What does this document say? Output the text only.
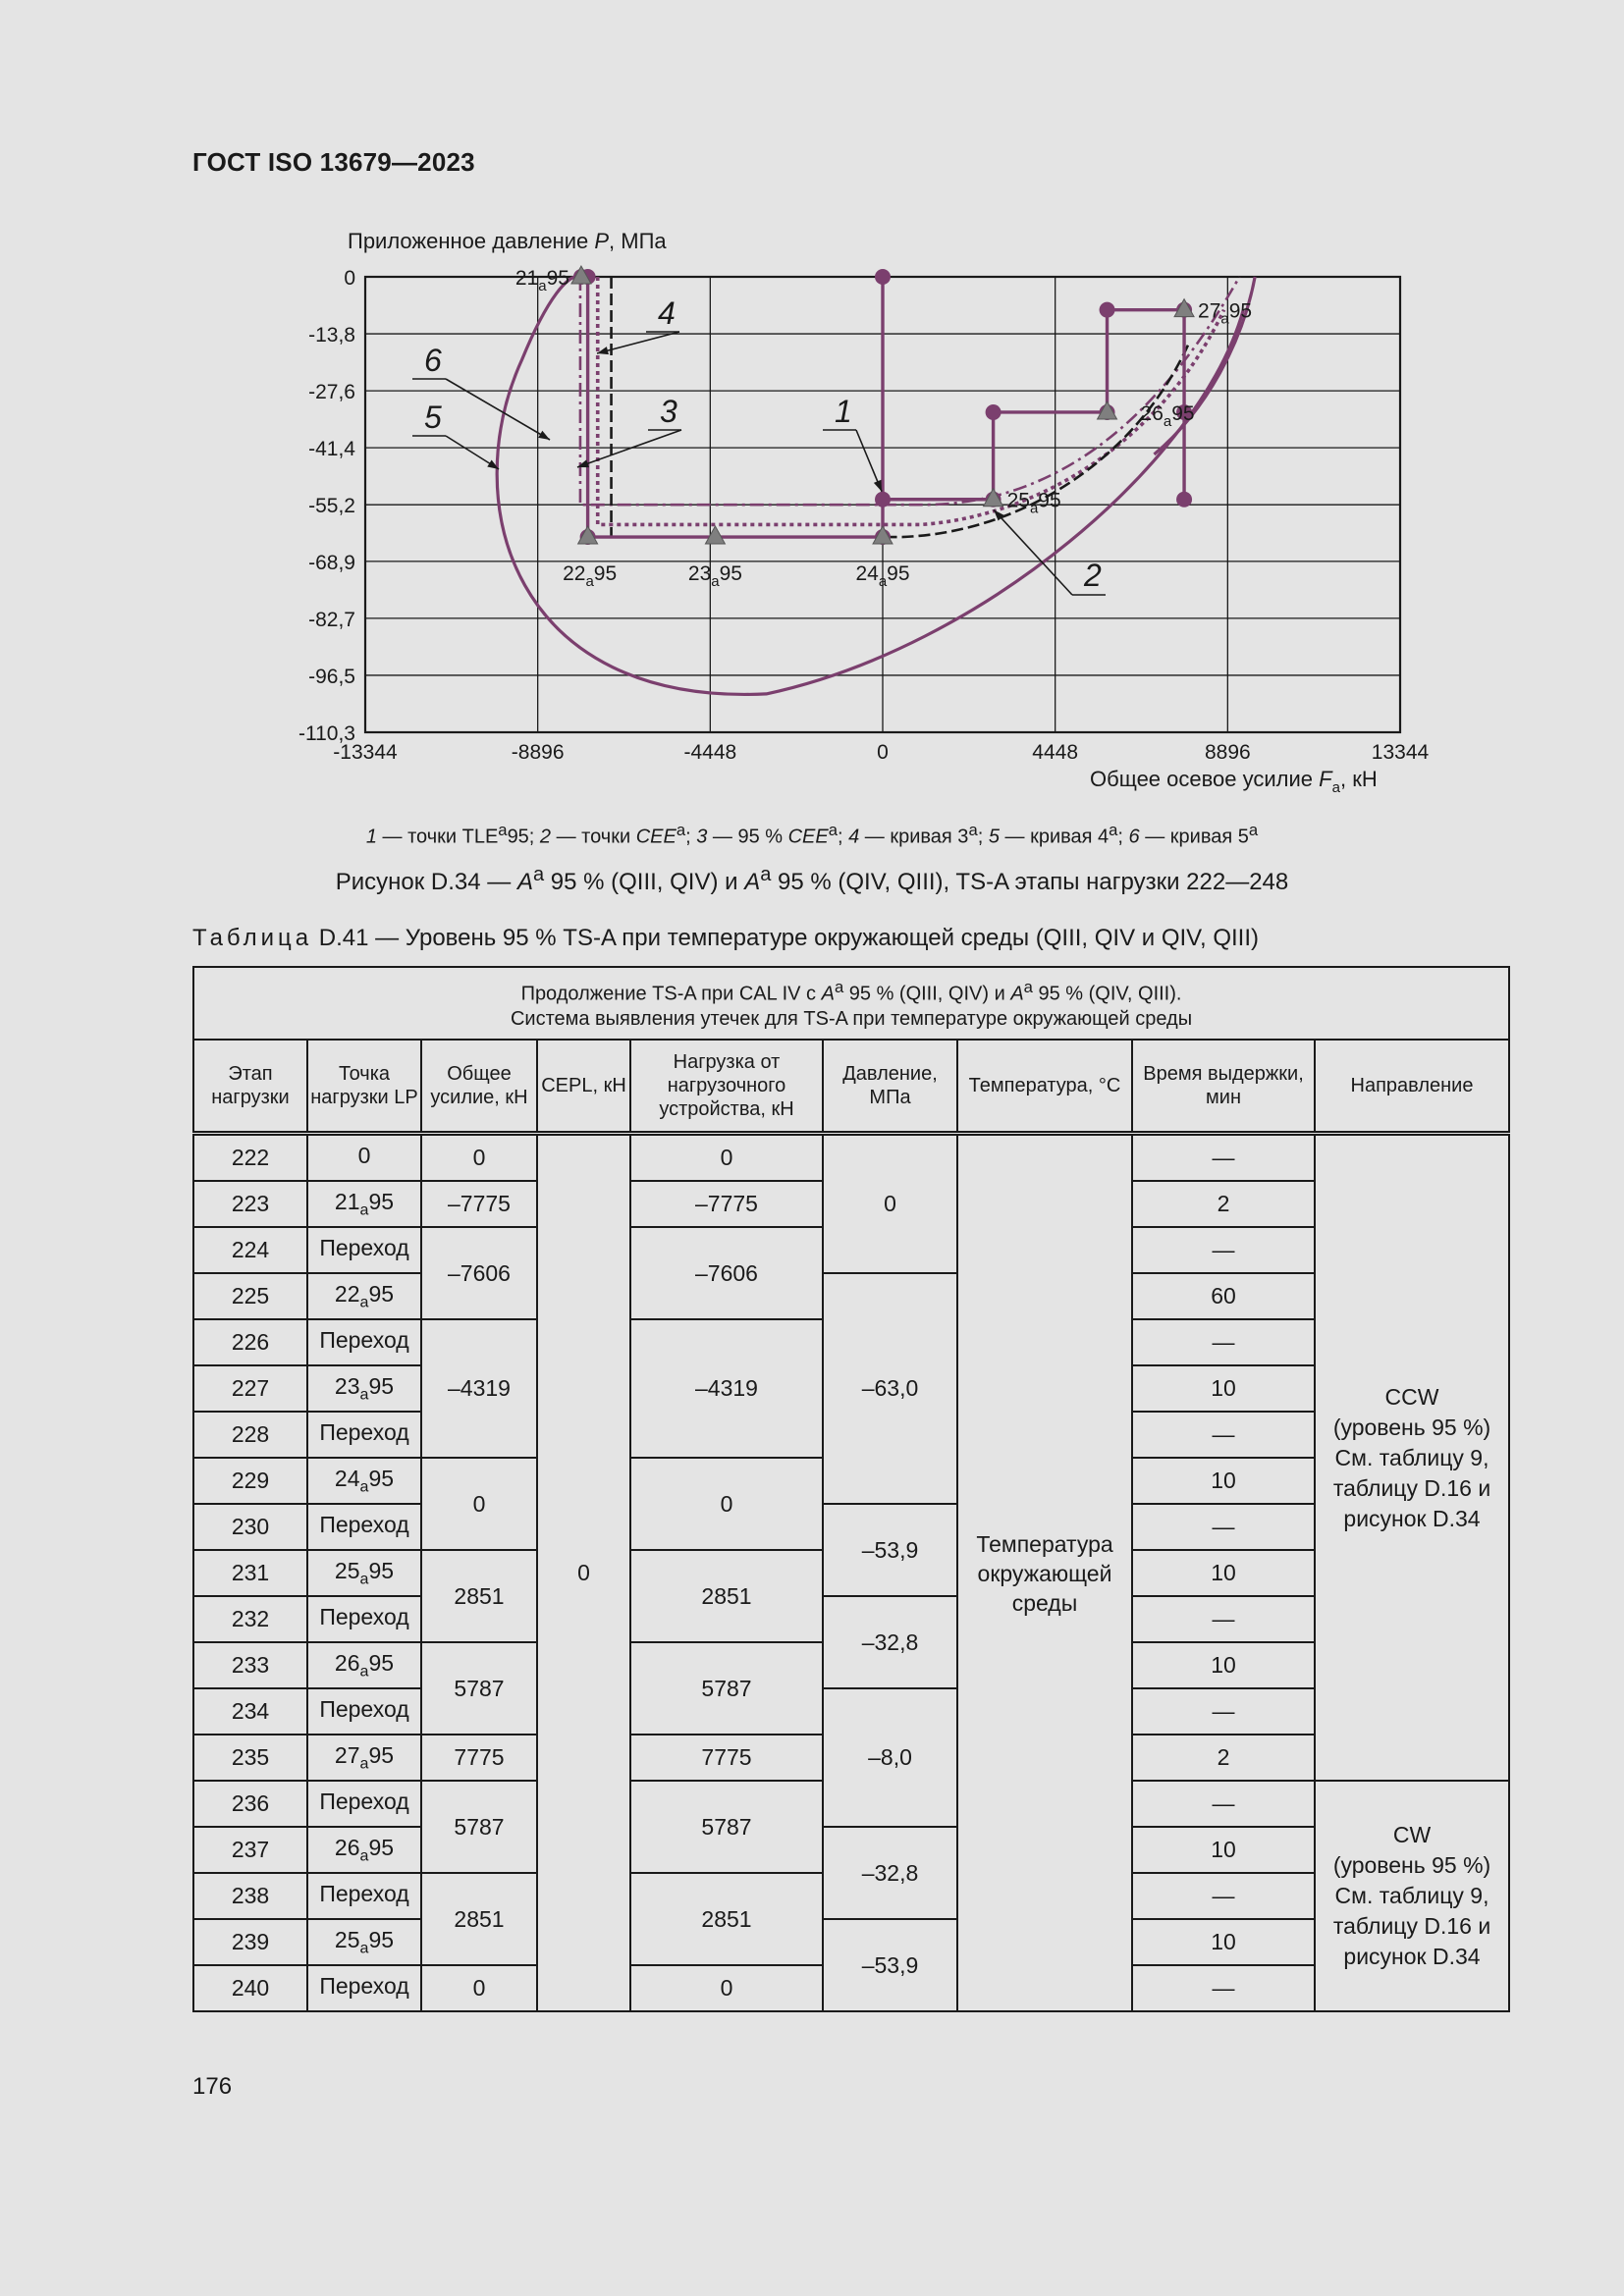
ГОСТ ISO 13679—2023
Приложенное давление P, МПа
0
-13,8
-27,6
-41,4
-55,2
-68,9
-82,7
-96,5
-110,3
-13344	-8896	-4448	0	4448	8896	13344
$21_a95$
$22_a95$	$23_a95$	$24_a95$
$25_a95$
$26_a95$
$27_a95$
1
2
3
4
5
6
Общее осевое усилие $F_a$, кН
1 — точки TLE$^a$95; 2 — точки CEE$^a$; 3 — 95 % CEE$^a$; 4 — кривая 3$^a$; 5 — кривая 4$^a$; 6 — кривая 5$^a$
Рисунок D.34 — $A^a$ 95 % (QIII, QIV) и $A^a$ 95 % (QIV, QIII), TS-A этапы нагрузки 222—248
Таблица D.41 — Уровень 95 % TS-A при температуре окружающей среды (QIII, QIV и QIV, QIII)
Продолжение TS-A при CAL IV с $A^a$ 95 % (QIII, QIV) и $A^a$ 95 % (QIV, QIII).
Система выявления утечек для TS-A при температуре окружающей среды								
Этап нагрузки	Точка нагрузки LP	Общее усилие, кН	CEPL, кН	Нагрузка от нагрузочного устройства, кН	Давление, МПа	Температура, °С	Время выдержки, мин	Направление
222	0	0	0	0	0	Температура окружающей среды	—	CCW
(уровень 95 %)
См. таблицу 9,
таблицу D.16 и
рисунок D.34

223	$21_a95$	–7775		–7775			2	
224	Переход	–7606		–7606			—	
225	$22_a95$				–63,0		60	
226	Переход	–4319		–4319			—	
227	$23_a95$						10	
228	Переход						—	
229	$24_a95$	0		0			10	
230	Переход				–53,9		—	
231	$25_a95$	2851		2851			10	
232	Переход				–32,8		—	
233	$26_a95$	5787		5787			10	
234	Переход				–8,0		—	
235	$27_a95$	7775		7775			2	
236	Переход	5787		5787			—	CW
(уровень 95 %)
См. таблицу 9,
таблицу D.16 и
рисунок D.34

237	$26_a95$				–32,8		10	
238	Переход	2851		2851			—	
239	$25_a95$				–53,9		10	
240	Переход	0		0			—	
176
